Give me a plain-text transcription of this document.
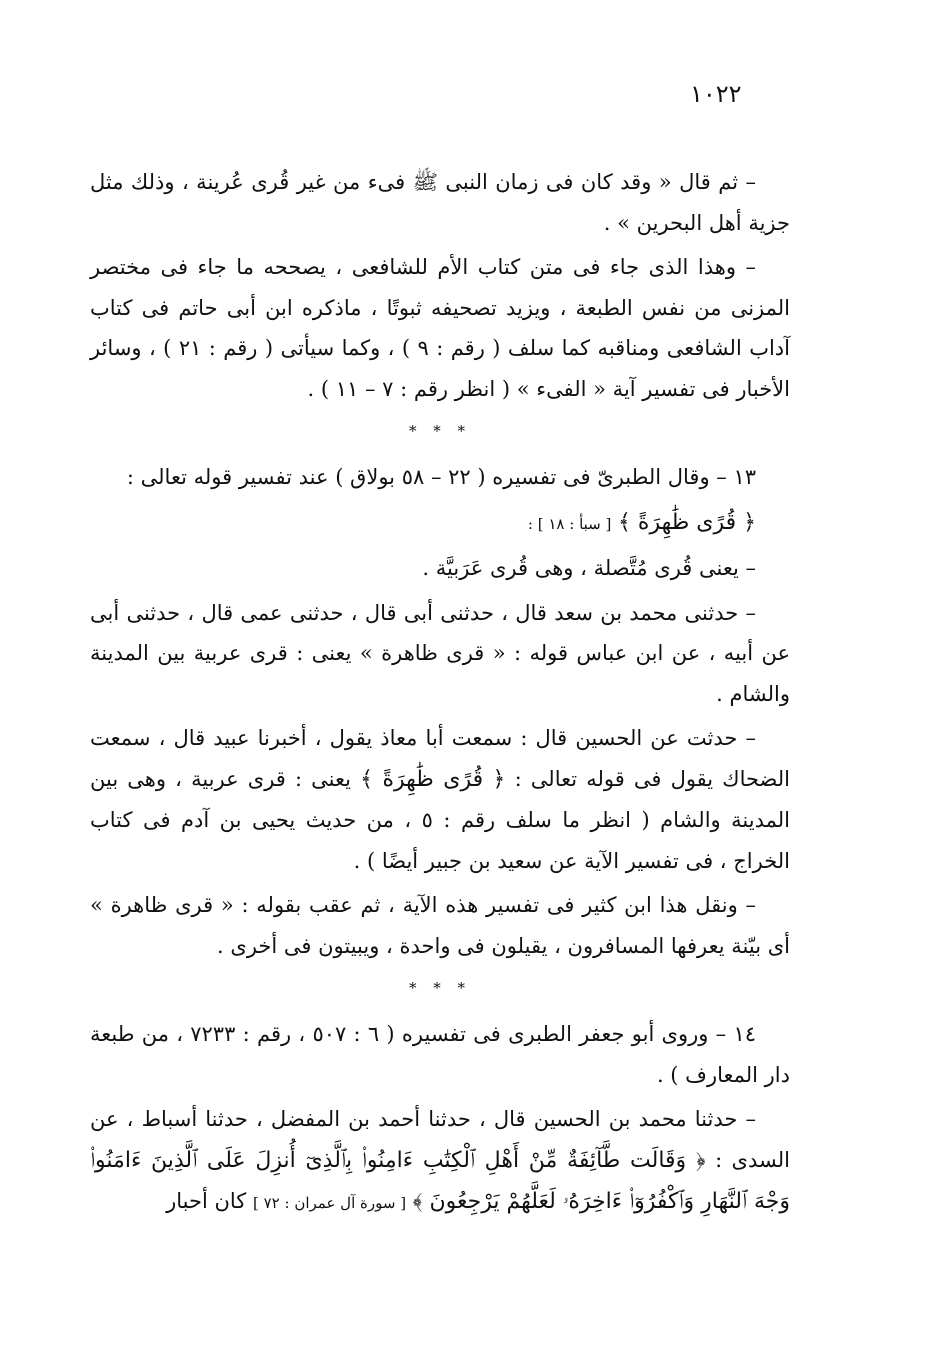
١٠٢٢

– ثم قال « وقد كان فى زمان النبى ﷺ فىء من غير قُرى عُرينة ، وذلك مثل جزية أهل البحرين » .

– وهذا الذى جاء فى متن كتاب الأم للشافعى ، يصححه ما جاء فى مختصر المزنى من نفس الطبعة ، ويزيد تصحيفه ثبوتًا ، ماذكره ابن أبى حاتم فى كتاب آداب الشافعى ومناقبه كما سلف ( رقم : ٩ ) ، وكما سيأتى ( رقم : ٢١ ) ، وسائر الأخبار فى تفسير آية « الفىء » ( انظر رقم : ٧ – ١١ ) .

* * *

١٣ – وقال الطبرىّ فى تفسيره ( ٢٢ – ٥٨ بولاق ) عند تفسير قوله تعالى :

﴿ قُرًى ظَٰهِرَةً ﴾ [ سبأ : ١٨ ] :

– يعنى قُرى مُتَّصلة ، وهى قُرى عَرَبيَّة .

– حدثنى محمد بن سعد قال ، حدثنى أبى قال ، حدثنى عمى قال ، حدثنى أبى عن أبيه ، عن ابن عباس قوله : « قرى ظاهرة » يعنى : قرى عربية بين المدينة والشام .

– حدثت عن الحسين قال : سمعت أبا معاذ يقول ، أخبرنا عبيد قال ، سمعت الضحاك يقول فى قوله تعالى : ﴿ قُرًى ظَٰهِرَةً ﴾ يعنى : قرى عربية ، وهى بين المدينة والشام ( انظر ما سلف رقم : ٥ ، من حديث يحيى بن آدم فى كتاب الخراج ، فى تفسير الآية عن سعيد بن جبير أيضًا ) .

– ونقل هذا ابن كثير فى تفسير هذه الآية ، ثم عقب بقوله : « قرى ظاهرة » أى بيّنة يعرفها المسافرون ، يقيلون فى واحدة ، ويبيتون فى أخرى .

* * *

١٤ – وروى أبو جعفر الطبرى فى تفسيره ( ٦ : ٥٠٧ ، رقم : ٧٢٣٣ ، من طبعة دار المعارف ) .

– حدثنا محمد بن الحسين قال ، حدثنا أحمد بن المفضل ، حدثنا أسباط ، عن السدى : ﴿ وَقَالَت طَّآئِفَةٌ مِّنْ أَهْلِ ٱلْكِتَٰبِ ءَامِنُوا۟ بِٱلَّذِىٓ أُنزِلَ عَلَى ٱلَّذِينَ ءَامَنُوا۟ وَجْهَ ٱلنَّهَارِ وَٱكْفُرُوٓا۟ ءَاخِرَهُۥ لَعَلَّهُمْ يَرْجِعُونَ ﴾ [ سورة آل عمران : ٧٢ ] كان أحبار
